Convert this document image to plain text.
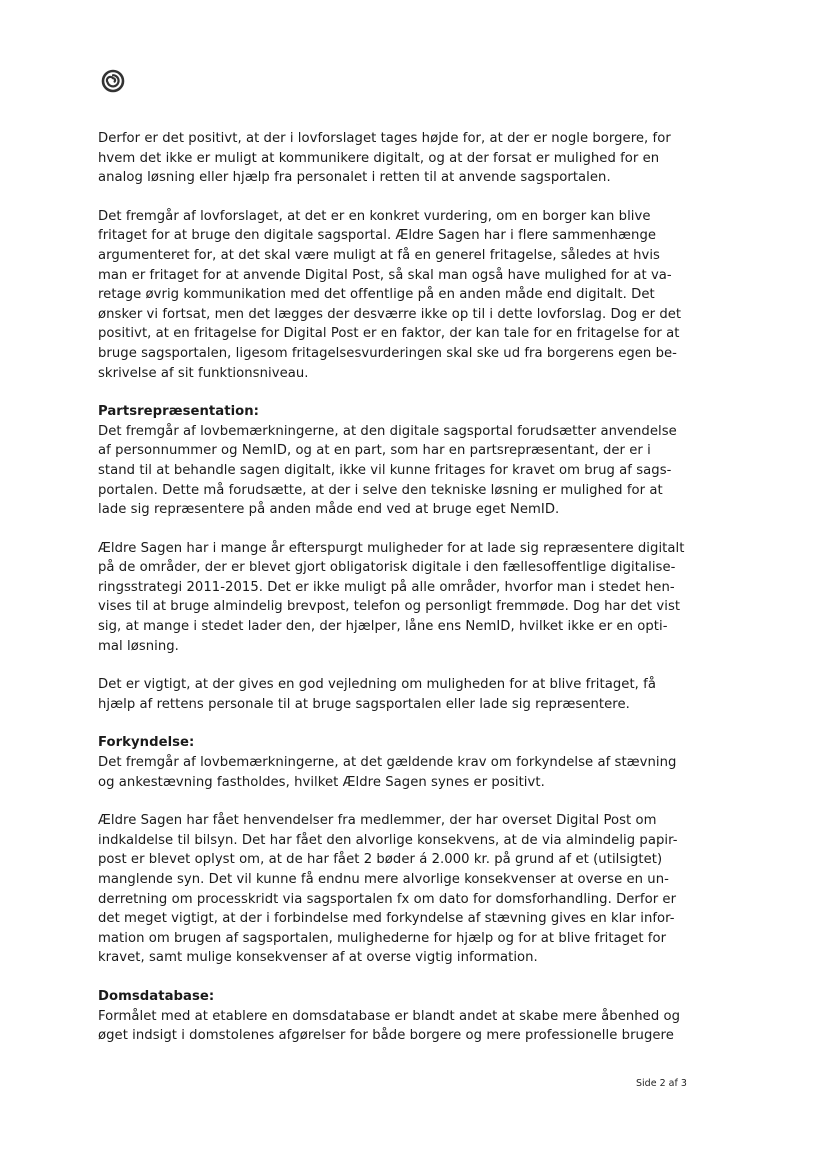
Derfor er det positivt, at der i lovforslaget tages højde for, at der er nogle borgere, for
hvem det ikke er muligt at kommunikere digitalt, og at der forsat er mulighed for en
analog løsning eller hjælp fra personalet i retten til at anvende sagsportalen.
Det fremgår af lovforslaget, at det er en konkret vurdering, om en borger kan blive
fritaget for at bruge den digitale sagsportal. Ældre Sagen har i flere sammenhænge
argumenteret for, at det skal være muligt at få en generel fritagelse, således at hvis
man er fritaget for at anvende Digital Post, så skal man også have mulighed for at va-
retage øvrig kommunikation med det offentlige på en anden måde end digitalt. Det
ønsker vi fortsat, men det lægges der desværre ikke op til i dette lovforslag. Dog er det
positivt, at en fritagelse for Digital Post er en faktor, der kan tale for en fritagelse for at
bruge sagsportalen, ligesom fritagelsesvurderingen skal ske ud fra borgerens egen be-
skrivelse af sit funktionsniveau.
Partsrepræsentation:
Det fremgår af lovbemærkningerne, at den digitale sagsportal forudsætter anvendelse
af personnummer og NemID, og at en part, som har en partsrepræsentant, der er i
stand til at behandle sagen digitalt, ikke vil kunne fritages for kravet om brug af sags-
portalen. Dette må forudsætte, at der i selve den tekniske løsning er mulighed for at
lade sig repræsentere på anden måde end ved at bruge eget NemID.
Ældre Sagen har i mange år efterspurgt muligheder for at lade sig repræsentere digitalt
på de områder, der er blevet gjort obligatorisk digitale i den fællesoffentlige digitalise-
ringsstrategi 2011-2015. Det er ikke muligt på alle områder, hvorfor man i stedet hen-
vises til at bruge almindelig brevpost, telefon og personligt fremmøde. Dog har det vist
sig, at mange i stedet lader den, der hjælper, låne ens NemID, hvilket ikke er en opti-
mal løsning.
Det er vigtigt, at der gives en god vejledning om muligheden for at blive fritaget, få
hjælp af rettens personale til at bruge sagsportalen eller lade sig repræsentere.
Forkyndelse:
Det fremgår af lovbemærkningerne, at det gældende krav om forkyndelse af stævning
og ankestævning fastholdes, hvilket Ældre Sagen synes er positivt.
Ældre Sagen har fået henvendelser fra medlemmer, der har overset Digital Post om
indkaldelse til bilsyn. Det har fået den alvorlige konsekvens, at de via almindelig papir-
post er blevet oplyst om, at de har fået 2 bøder á 2.000 kr. på grund af et (utilsigtet)
manglende syn. Det vil kunne få endnu mere alvorlige konsekvenser at overse en un-
derretning om processkridt via sagsportalen fx om dato for domsforhandling. Derfor er
det meget vigtigt, at der i forbindelse med forkyndelse af stævning gives en klar infor-
mation om brugen af sagsportalen, mulighederne for hjælp og for at blive fritaget for
kravet, samt mulige konsekvenser af at overse vigtig information.
Domsdatabase:
Formålet med at etablere en domsdatabase er blandt andet at skabe mere åbenhed og
øget indsigt i domstolenes afgørelser for både borgere og mere professionelle brugere
Side 2 af 3
